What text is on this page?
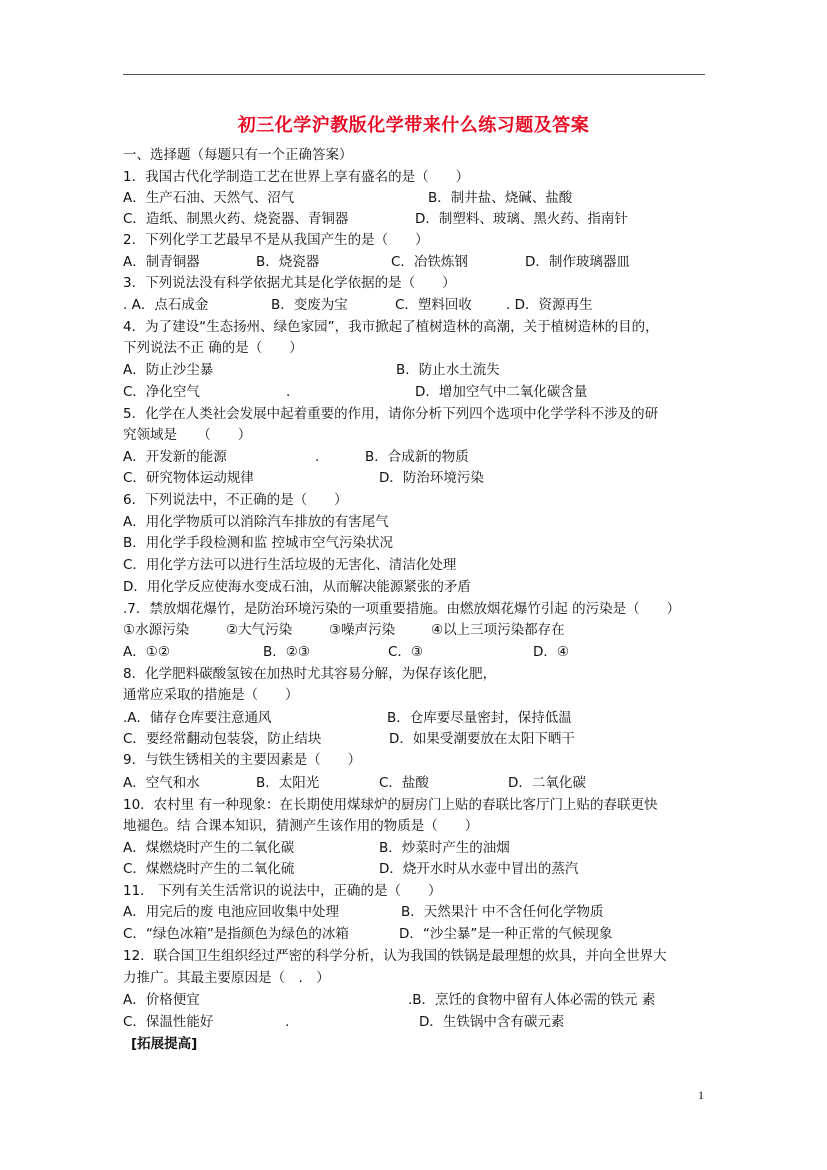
初三化学沪教版化学带来什么练习题及答案
一、选择题（每题只有一个正确答案）
1．我国古代化学制造工艺在世界上享有盛名的是（　　）
A．生产石油、天然气、沼气	B．制井盐、烧碱、盐酸
C．造纸、制黑火药、烧瓷器、青铜器	D．制塑料、玻璃、黑火药、指南针
2．下列化学工艺最早不是从我国产生的是（　　）
A．制青铜器	B．烧瓷器	C．冶铁炼钢	D．制作玻璃器皿
3．下列说法没有科学依据尤其是化学依据的是（　　）
. A．点石成金	B．变废为宝	C．塑料回收	. D．资源再生
4．为了建设“生态扬州、绿色家园”，我市掀起了植树造林的高潮，关于植树造林的目的，
下列说法不正 确的是（　　）
A．防止沙尘暴	B．防止水土流失
C．净化空气	.	D．增加空气中二氧化碳含量
5．化学在人类社会发展中起着重要的作用，请你分析下列四个选项中化学学科不涉及的研
究领域是　　（　　）
A．开发新的能源	.	B．合成新的物质
C．研究物体运动规律	D．防治环境污染
6．下列说法中，不正确的是（　　）
A．用化学物质可以消除汽车排放的有害尾气
B．用化学手段检测和监 控城市空气污染状况
C．用化学方法可以进行生活垃圾的无害化、清洁化处理
D．用化学反应使海水变成石油，从而解决能源紧张的矛盾
.7．禁放烟花爆竹，是防治环境污染的一项重要措施。由燃放烟花爆竹引起 的污染是（　　）
①水源污染	②大气污染	③噪声污染	④以上三项污染都存在
A．①②	B．②③	C．③	D．④
8．化学肥料碳酸氢铵在加热时尤其容易分解，为保存该化肥，
通常应采取的措施是（　　）
.A．储存仓库要注意通风	B．仓库要尽量密封，保持低温
C．要经常翻动包装袋，防止结块	D．如果受潮要放在太阳下晒干
9．与铁生锈相关的主要因素是（　　）
A．空气和水	B．太阳光	C．盐酸	D．二氧化碳
10．农村里 有一种现象：在长期使用煤球炉的厨房门上贴的春联比客厅门上贴的春联更快
地褪色。结 合课本知识，猜测产生该作用的物质是（　　）
A．煤燃烧时产生的二氧化碳	B．炒菜时产生的油烟
C．煤燃烧时产生的二氧化硫	D．烧开水时从水壶中冒出的蒸汽
11． 下列有关生活常识的说法中，正确的是（　　）
A．用完后的废 电池应回收集中处理	B．天然果汁 中不含任何化学物质
C．“绿色冰箱”是指颜色为绿色的冰箱	D．“沙尘暴”是一种正常的气候现象
12．联合国卫生组织经过严密的科学分析，认为我国的铁锅是最理想的炊具，并向全世界大
力推广。其最主要原因是（　.　）
A．价格便宜	.B．烹饪的食物中留有人体必需的铁元 素
C．保温性能好	.	D．生铁锅中含有碳元素
[拓展提高]
1
